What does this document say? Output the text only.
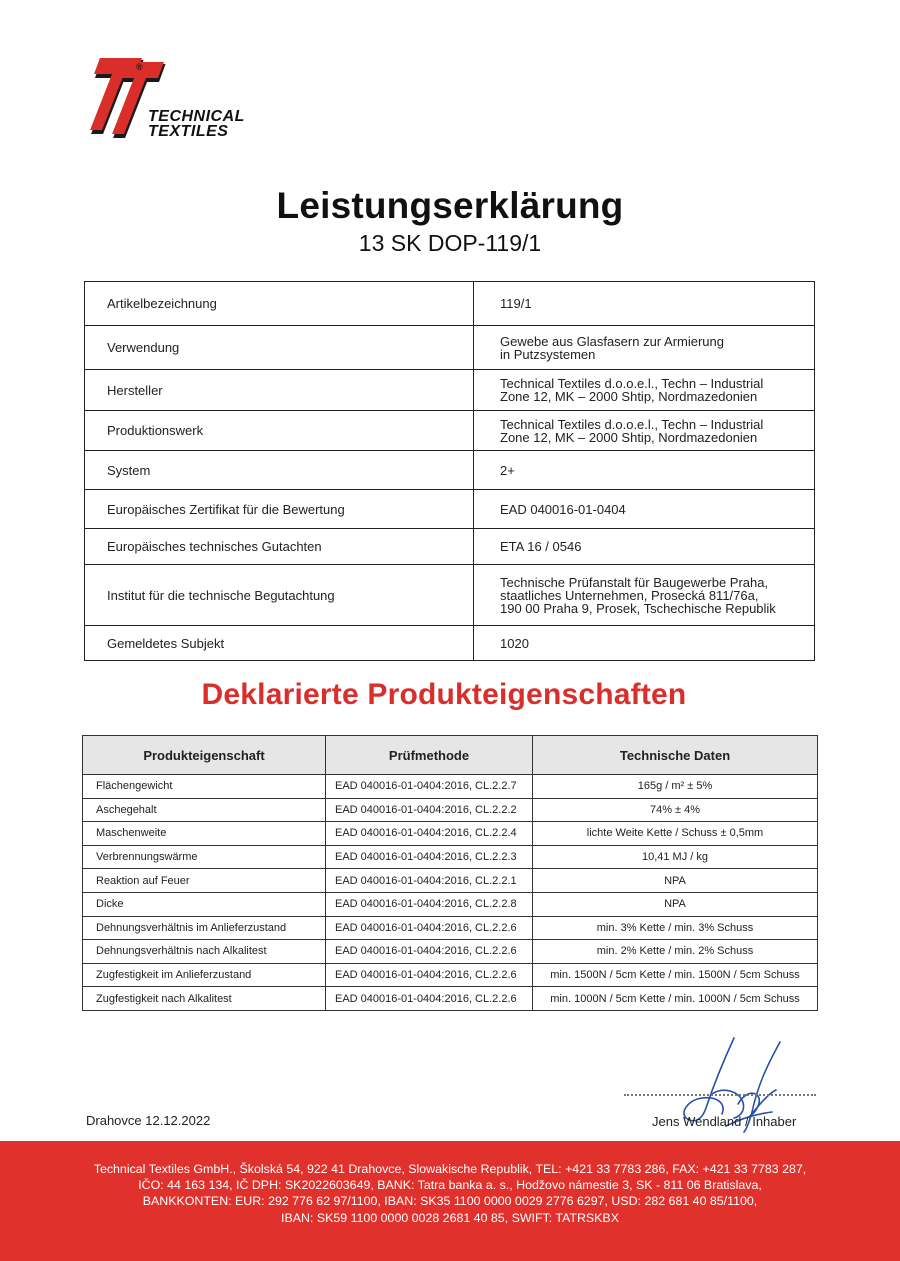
®
TECHNICAL
TEXTILES
Leistungserklärung
13 SK DOP-119/1
Artikelbezeichnung	119/1

Verwendung	Gewebe aus Glasfasern zur Armierung
in Putzsystemen

Hersteller	Technical Textiles d.o.o.e.l., Techn – Industrial
Zone 12, MK – 2000 Shtip, Nordmazedonien

Produktionswerk	Technical Textiles d.o.o.e.l., Techn – Industrial
Zone 12, MK – 2000 Shtip, Nordmazedonien

System	2+

Europäisches Zertifikat für die Bewertung	EAD 040016-01-0404

Europäisches technisches Gutachten	ETA 16 / 0546

Institut für die technische Begutachtung	Technische Prüfanstalt für Baugewerbe Praha,
staatliches Unternehmen, Prosecká 811/76a,
190 00 Praha 9, Prosek, Tschechische Republik

Gemeldetes Subjekt	1020
Deklarierte Produkteigenschaften
Produkteigenschaft	Prüfmethode	Technische Daten
Flächengewicht	EAD 040016-01-0404:2016, CL.2.2.7	165g / m² ± 5%
Aschegehalt	EAD 040016-01-0404:2016, CL.2.2.2	74% ± 4%
Maschenweite	EAD 040016-01-0404:2016, CL.2.2.4	lichte Weite Kette / Schuss ± 0,5mm
Verbrennungswärme	EAD 040016-01-0404:2016, CL.2.2.3	10,41 MJ / kg
Reaktion auf Feuer	EAD 040016-01-0404:2016, CL.2.2.1	NPA
Dicke	EAD 040016-01-0404:2016, CL.2.2.8	NPA
Dehnungsverhältnis im Anlieferzustand	EAD 040016-01-0404:2016, CL.2.2.6	min. 3% Kette / min. 3% Schuss
Dehnungsverhältnis nach Alkalitest	EAD 040016-01-0404:2016, CL.2.2.6	min. 2% Kette / min. 2% Schuss
Zugfestigkeit im Anlieferzustand	EAD 040016-01-0404:2016, CL.2.2.6	min. 1500N / 5cm Kette / min. 1500N / 5cm Schuss
Zugfestigkeit nach Alkalitest	EAD 040016-01-0404:2016, CL.2.2.6	min. 1000N / 5cm Kette / min. 1000N / 5cm Schuss
Jens Wendland / Inhaber
Drahovce 12.12.2022
Technical Textiles GmbH., Školská 54, 922 41 Drahovce, Slowakische Republik, TEL: +421 33 7783 286, FAX: +421 33 7783 287,
IČO: 44 163 134, IČ DPH: SK2022603649, BANK: Tatra banka a. s., Hodžovo námestie 3, SK - 811 06 Bratislava,
BANKKONTEN: EUR: 292 776 62 97/1100, IBAN: SK35 1100 0000 0029 2776 6297, USD: 282 681 40 85/1100,
IBAN: SK59 1100 0000 0028 2681 40 85, SWIFT: TATRSKBX
